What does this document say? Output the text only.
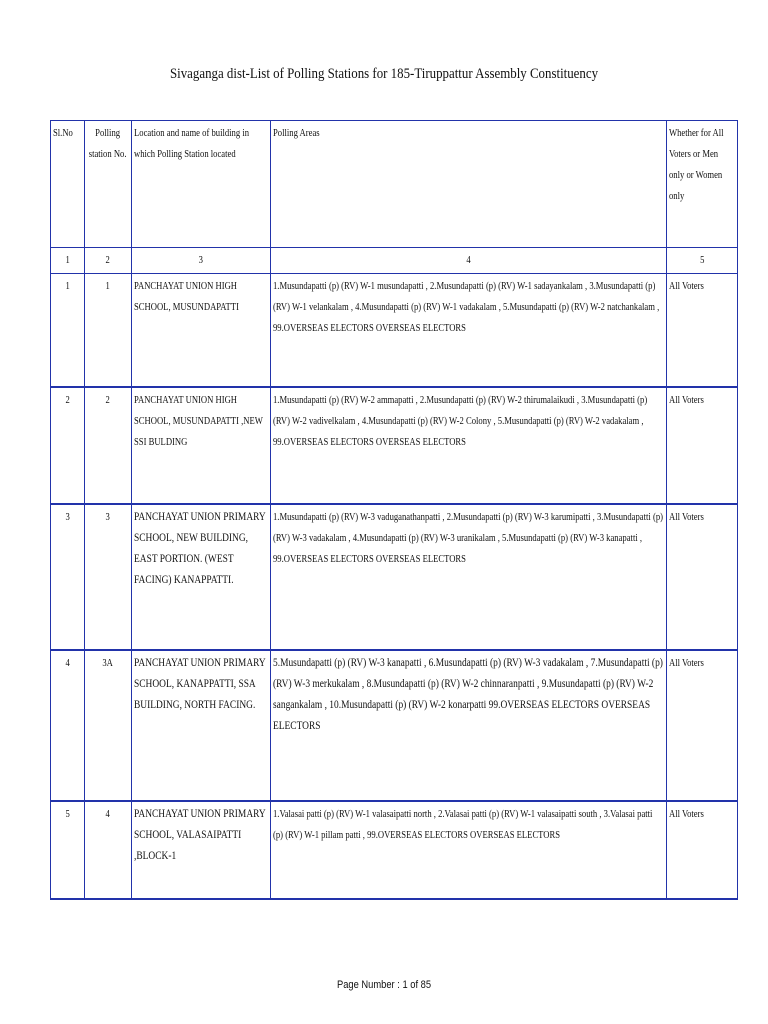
Sivaganga dist-List of Polling Stations for 185-Tiruppattur Assembly Constituency
Sl.No	Polling station No.	Location and name of building in which Polling Station located	Polling Areas	Whether for All Voters or Men only or Women only

1	2	3	4	5

1	1	PANCHAYAT UNION HIGH SCHOOL, MUSUNDAPATTI	1.Musundapatti (p) (RV) W-1 musundapatti , 2.Musundapatti (p) (RV) W-1 sadayankalam , 3.Musundapatti (p) (RV) W-1 velankalam , 4.Musundapatti (p) (RV) W-1 vadakalam , 5.Musundapatti (p) (RV) W-2 natchankalam , 99.OVERSEAS ELECTORS OVERSEAS ELECTORS	All Voters

2	2	PANCHAYAT UNION HIGH SCHOOL, MUSUNDAPATTI ,NEW SSI BULDING	1.Musundapatti (p) (RV) W-2 ammapatti , 2.Musundapatti (p) (RV) W-2 thirumalaikudi , 3.Musundapatti (p) (RV) W-2 vadivelkalam , 4.Musundapatti (p) (RV) W-2 Colony , 5.Musundapatti (p) (RV) W-2 vadakalam , 99.OVERSEAS ELECTORS OVERSEAS ELECTORS	All Voters

3	3	PANCHAYAT UNION PRIMARY SCHOOL, NEW BUILDING, EAST PORTION. (WEST FACING) KANAPPATTI.	1.Musundapatti (p) (RV) W-3 vaduganathanpatti , 2.Musundapatti (p) (RV) W-3 karumipatti , 3.Musundapatti (p) (RV) W-3 vadakalam , 4.Musundapatti (p) (RV) W-3 uranikalam , 5.Musundapatti (p) (RV) W-3 kanapatti , 99.OVERSEAS ELECTORS OVERSEAS ELECTORS	All Voters

4	3A	PANCHAYAT UNION PRIMARY SCHOOL, KANAPPATTI, SSA BUILDING, NORTH FACING.	5.Musundapatti (p) (RV) W-3 kanapatti , 6.Musundapatti (p) (RV) W-3 vadakalam , 7.Musundapatti (p) (RV) W-3 merkukalam , 8.Musundapatti (p) (RV) W-2 chinnaranpatti , 9.Musundapatti (p) (RV) W-2 sangankalam , 10.Musundapatti (p) (RV) W-2 konarpatti 99.OVERSEAS ELECTORS OVERSEAS ELECTORS	All Voters

5	4	PANCHAYAT UNION PRIMARY SCHOOL, VALASAIPATTI ,BLOCK-1	1.Valasai patti (p) (RV) W-1 valasaipatti north , 2.Valasai patti (p) (RV) W-1 valasaipatti south , 3.Valasai patti (p) (RV) W-1 pillam patti , 99.OVERSEAS ELECTORS OVERSEAS ELECTORS	All Voters
Page Number : 1 of 85
